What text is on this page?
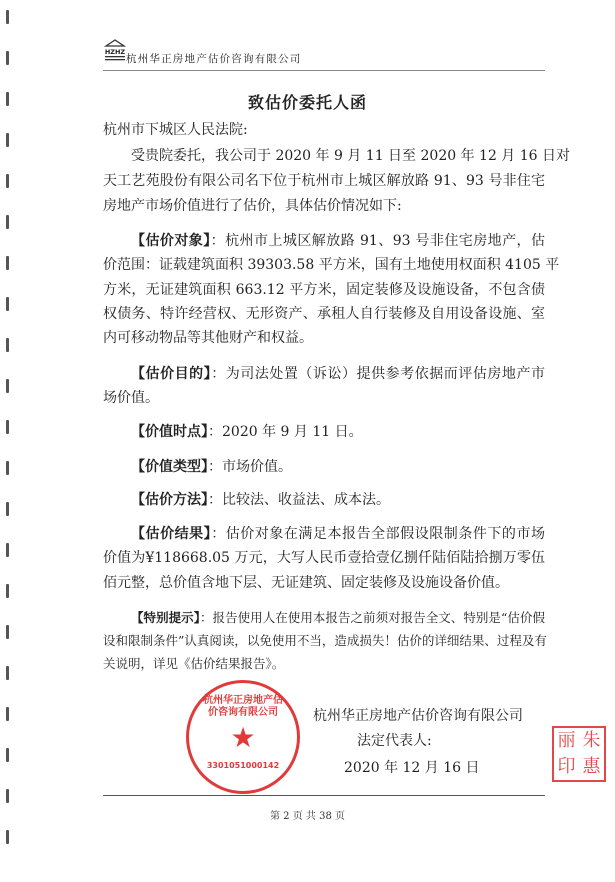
HZHZ
杭州华正房地产估价咨询有限公司
致估价委托人函
杭州市下城区人民法院:
受贵院委托，我公司于 2020 年 9 月 11 日至 2020 年 12 月 16 日对
天工艺苑股份有限公司名下位于杭州市上城区解放路 91、93 号非住宅
房地产市场价值进行了估价，具体估价情况如下:
【估价对象】：杭州市上城区解放路 91、93 号非住宅房地产，估
价范围：证载建筑面积 39303.58 平方米，国有土地使用权面积 4105 平
方米，无证建筑面积 663.12 平方米，固定装修及设施设备，不包含债
权债务、特许经营权、无形资产、承租人自行装修及自用设备设施、室
内可移动物品等其他财产和权益。
【估价目的】：为司法处置（诉讼）提供参考依据而评估房地产市
场价值。
【价值时点】：2020 年 9 月 11 日。
【价值类型】：市场价值。
【估价方法】：比较法、收益法、成本法。
【估价结果】：估价对象在满足本报告全部假设限制条件下的市场
价值为¥118668.05 万元，大写人民币壹拾壹亿捌仟陆佰陆拾捌万零伍
佰元整，总价值含地下层、无证建筑、固定装修及设施设备价值。
【特别提示】：报告使用人在使用本报告之前须对报告全文、特别是“估价假
设和限制条件”认真阅读，以免使用不当，造成损失！估价的详细结果、过程及有
关说明，详见《估价结果报告》。
杭州华正房地产估价咨询有限公司
★
3301051000142
杭州华正房地产估价咨询有限公司
法定代表人:
2020 年 12 月 16 日
丽 朱
印 惠
第 2 页 共 38 页
